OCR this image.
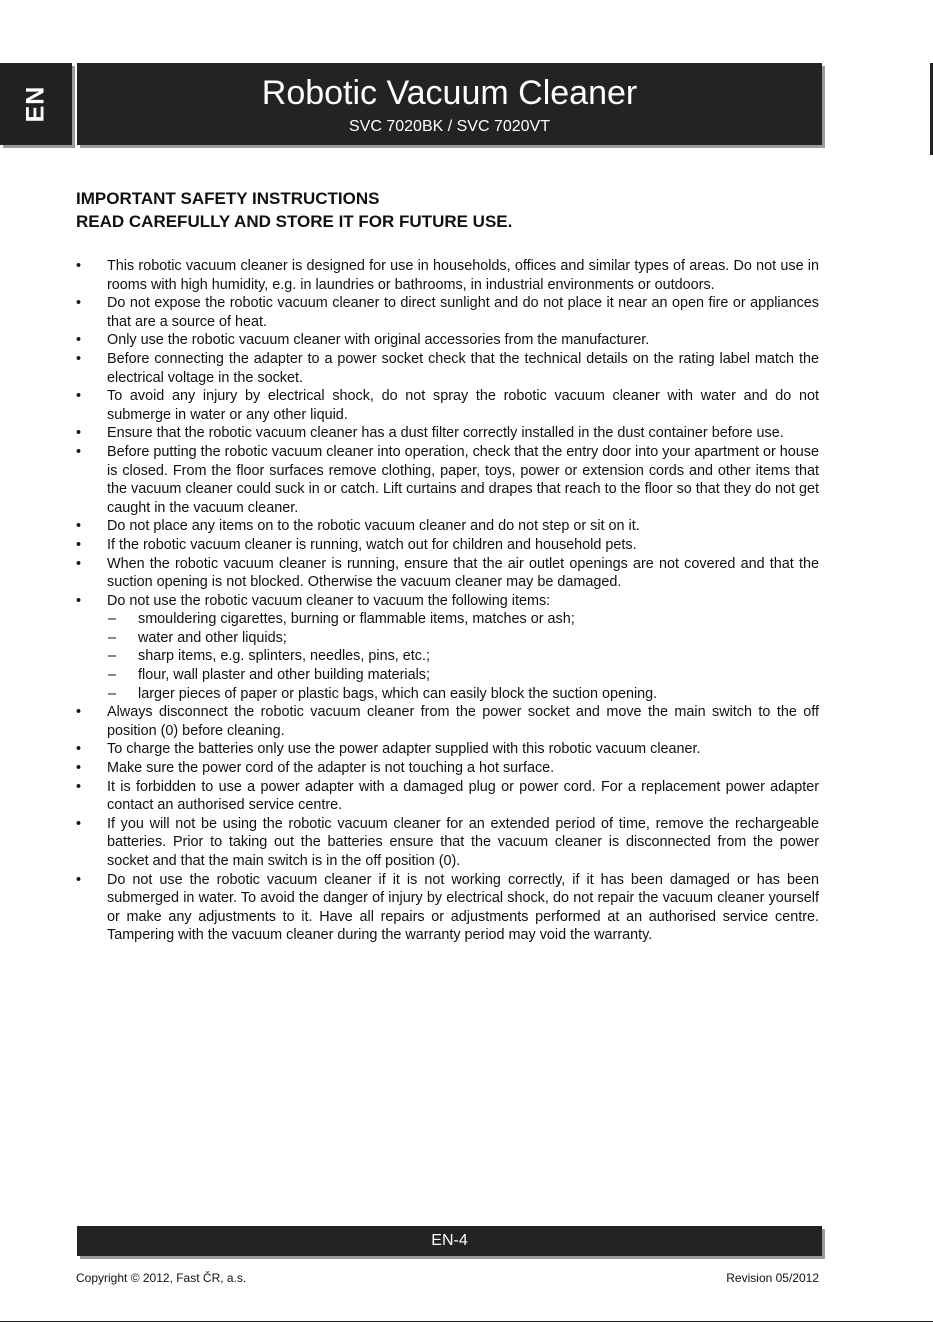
EN	Robotic Vacuum Cleaner
SVC 7020BK / SVC 7020VT
IMPORTANT SAFETY INSTRUCTIONS
READ CAREFULLY AND STORE IT FOR FUTURE USE.
• This robotic vacuum cleaner is designed for use in households, offices and similar types of areas. Do not use in rooms with high humidity, e.g. in laundries or bathrooms, in industrial environments or outdoors.
• Do not expose the robotic vacuum cleaner to direct sunlight and do not place it near an open fire or appliances that are a source of heat.
• Only use the robotic vacuum cleaner with original accessories from the manufacturer.
• Before connecting the adapter to a power socket check that the technical details on the rating label match the electrical voltage in the socket.
• To avoid any injury by electrical shock, do not spray the robotic vacuum cleaner with water and do not submerge in water or any other liquid.
• Ensure that the robotic vacuum cleaner has a dust filter correctly installed in the dust container before use.
• Before putting the robotic vacuum cleaner into operation, check that the entry door into your apartment or house is closed. From the floor surfaces remove clothing, paper, toys, power or extension cords and other items that the vacuum cleaner could suck in or catch. Lift curtains and drapes that reach to the floor so that they do not get caught in the vacuum cleaner.
• Do not place any items on to the robotic vacuum cleaner and do not step or sit on it.
• If the robotic vacuum cleaner is running, watch out for children and household pets.
• When the robotic vacuum cleaner is running, ensure that the air outlet openings are not covered and that the suction opening is not blocked. Otherwise the vacuum cleaner may be damaged.
• Do not use the robotic vacuum cleaner to vacuum the following items:
– smouldering cigarettes, burning or flammable items, matches or ash;
– water and other liquids;
– sharp items, e.g. splinters, needles, pins, etc.;
– flour, wall plaster and other building materials;
– larger pieces of paper or plastic bags, which can easily block the suction opening.
• Always disconnect the robotic vacuum cleaner from the power socket and move the main switch to the off position (0) before cleaning.
• To charge the batteries only use the power adapter supplied with this robotic vacuum cleaner.
• Make sure the power cord of the adapter is not touching a hot surface.
• It is forbidden to use a power adapter with a damaged plug or power cord. For a replacement power adapter contact an authorised service centre.
• If you will not be using the robotic vacuum cleaner for an extended period of time, remove the rechargeable batteries. Prior to taking out the batteries ensure that the vacuum cleaner is disconnected from the power socket and that the main switch is in the off position (0).
• Do not use the robotic vacuum cleaner if it is not working correctly, if it has been damaged or has been submerged in water. To avoid the danger of injury by electrical shock, do not repair the vacuum cleaner yourself or make any adjustments to it. Have all repairs or adjustments performed at an authorised service centre. Tampering with the vacuum cleaner during the warranty period may void the warranty.
EN-4
Copyright © 2012, Fast ČR, a.s.	Revision 05/2012
